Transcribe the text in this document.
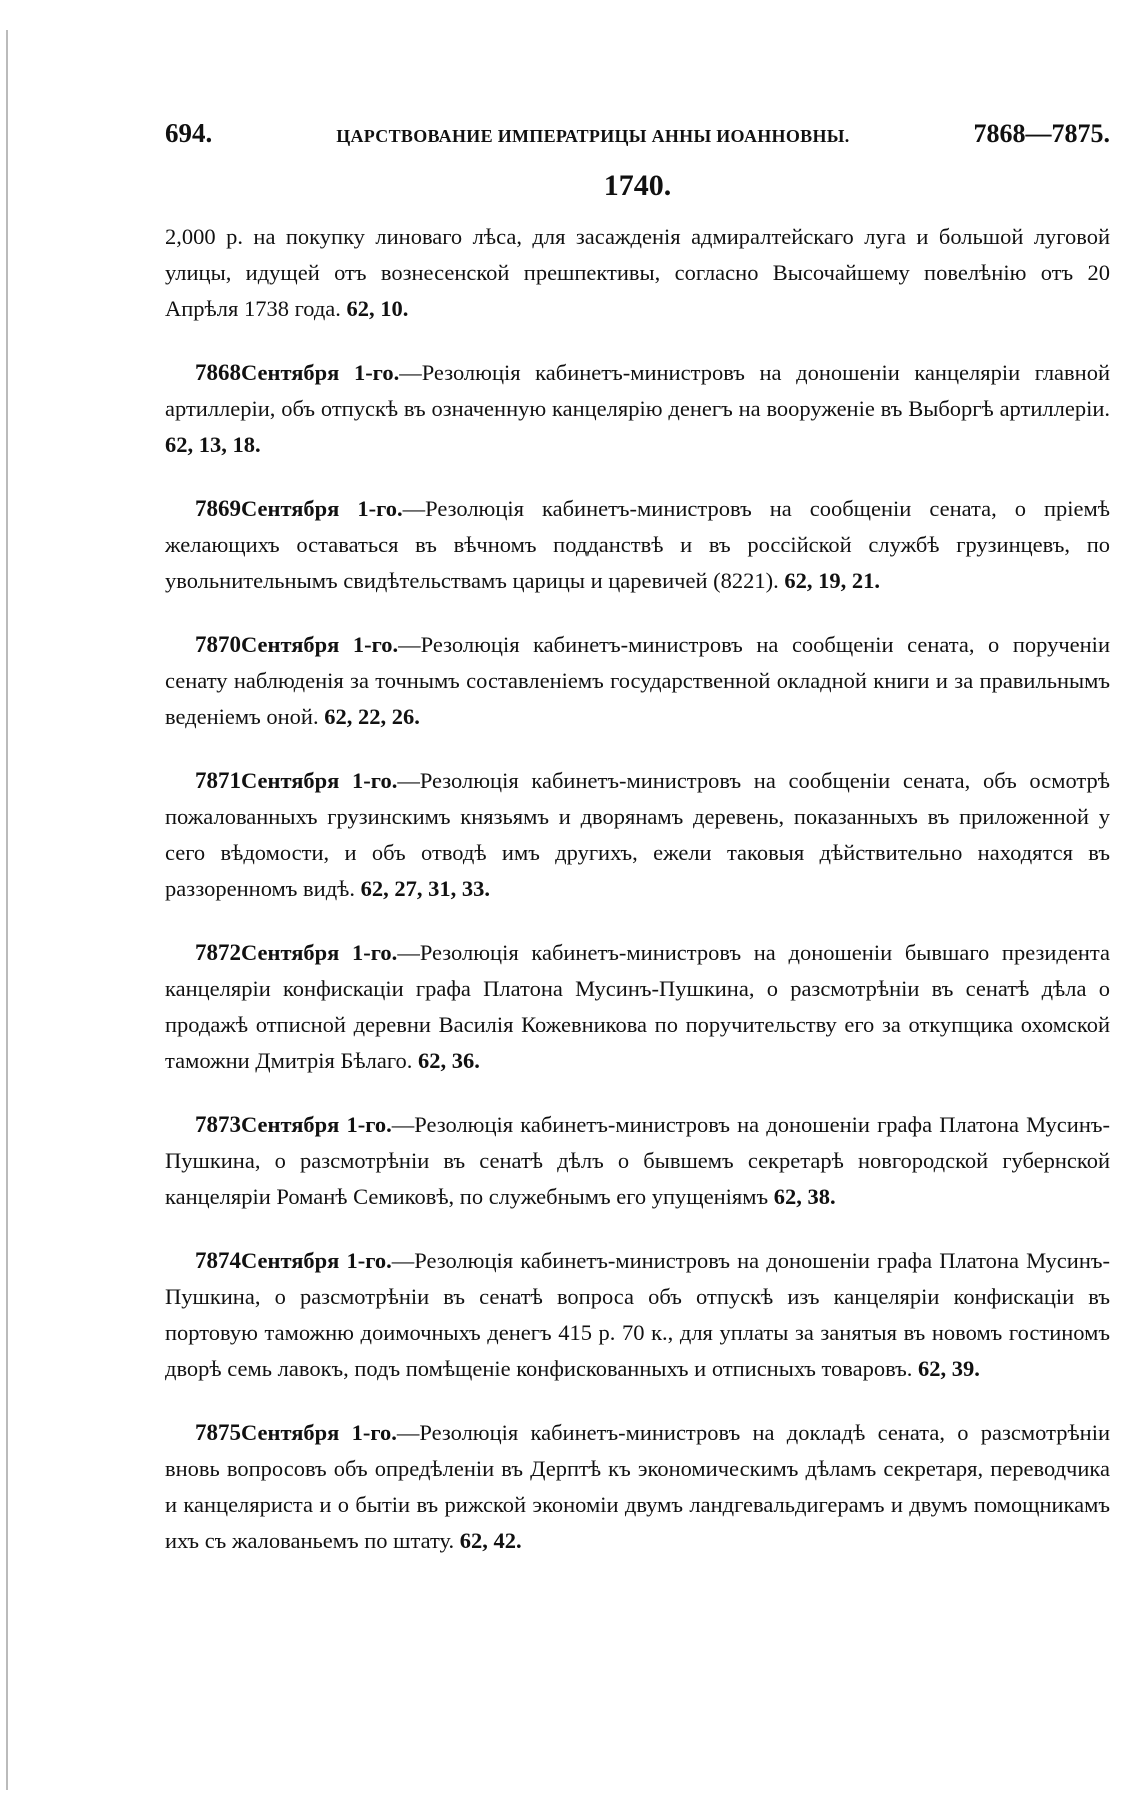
694.	ЦАРСТВОВАНИЕ ИМПЕРАТРИЦЫ АННЫ ИОАННОВНЫ.	7868—7875.
1740.

2,000 р. на покупку линоваго лѣса, для засажденія адмиралтейскаго луга и большой луговой улицы, идущей отъ вознесенской прешпективы, согласно Высочайшему повелѣнію отъ 20 Апрѣля 1738 года. 62, 10.

7868Сентября 1-го.—Резолюція кабинетъ-министровъ на доношеніи канцеляріи главной артиллеріи, объ отпускѣ въ означенную канцелярію денегъ на вооруженіе въ Выборгѣ артиллеріи. 62, 13, 18.

7869Сентября 1-го.—Резолюція кабинетъ-министровъ на сообщеніи сената, о пріемѣ желающихъ оставаться въ вѣчномъ подданствѣ и въ россійской службѣ грузинцевъ, по увольнительнымъ свидѣтельствамъ царицы и царевичей (8221). 62, 19, 21.

7870Сентября 1-го.—Резолюція кабинетъ-министровъ на сообщеніи сената, о порученіи сенату наблюденія за точнымъ составленіемъ государственной окладной книги и за правильнымъ веденіемъ оной. 62, 22, 26.

7871Сентября 1-го.—Резолюція кабинетъ-министровъ на сообщеніи сената, объ осмотрѣ пожалованныхъ грузинскимъ князьямъ и дворянамъ деревень, показанныхъ въ приложенной у сего вѣдомости, и объ отводѣ имъ другихъ, ежели таковыя дѣйствительно находятся въ раззоренномъ видѣ. 62, 27, 31, 33.

7872Сентября 1-го.—Резолюція кабинетъ-министровъ на доношеніи бывшаго президента канцеляріи конфискаціи графа Платона Мусинъ-Пушкина, о разсмотрѣніи въ сенатѣ дѣла о продажѣ отписной деревни Василія Кожевникова по поручительству его за откупщика охомской таможни Дмитрія Бѣлаго. 62, 36.

7873Сентября 1-го.—Резолюція кабинетъ-министровъ на доношеніи графа Платона Мусинъ-Пушкина, о разсмотрѣніи въ сенатѣ дѣлъ о бывшемъ секретарѣ новгородской губернской канцеляріи Романѣ Семиковѣ, по служебнымъ его упущеніямъ 62, 38.

7874Сентября 1-го.—Резолюція кабинетъ-министровъ на доношеніи графа Платона Мусинъ-Пушкина, о разсмотрѣніи въ сенатѣ вопроса объ отпускѣ изъ канцеляріи конфискаціи въ портовую таможню доимочныхъ денегъ 415 р. 70 к., для уплаты за занятыя въ новомъ гостиномъ дворѣ семь лавокъ, подъ помѣщеніе конфискованныхъ и отписныхъ товаровъ. 62, 39.

7875Сентября 1-го.—Резолюція кабинетъ-министровъ на докладѣ сената, о разсмотрѣніи вновь вопросовъ объ опредѣленіи въ Дерптѣ къ экономическимъ дѣламъ секретаря, переводчика и канцеляриста и о бытіи въ рижской экономіи двумъ ландгевальдигерамъ и двумъ помощникамъ ихъ съ жалованьемъ по штату. 62, 42.
